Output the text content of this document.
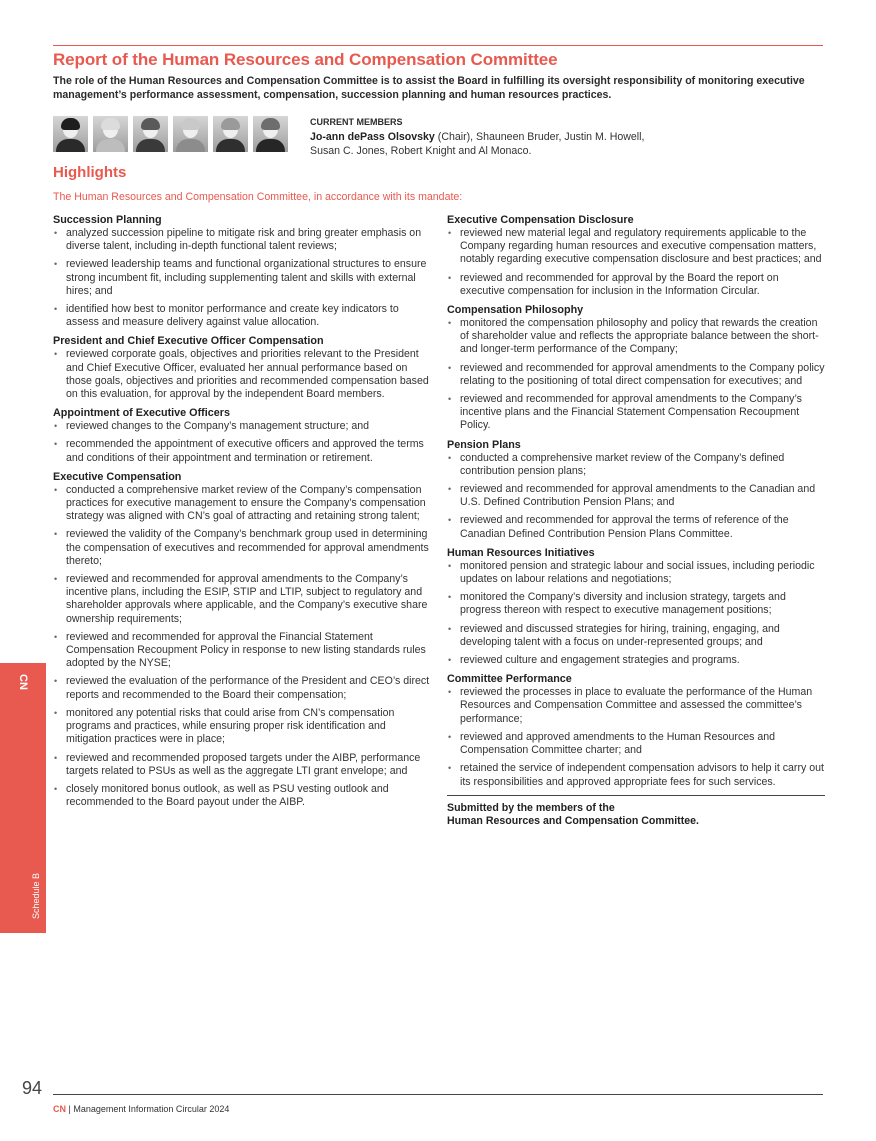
Report of the Human Resources and Compensation Committee

The role of the Human Resources and Compensation Committee is to assist the Board in fulfilling its oversight responsibility of monitoring executive management’s performance assessment, compensation, succession planning and human resources practices.

CURRENT MEMBERS
Jo-ann dePass Olsovsky (Chair), Shauneen Bruder, Justin M. Howell,
Susan C. Jones, Robert Knight and Al Monaco.
Highlights
The Human Resources and Compensation Committee, in accordance with its mandate:
Succession Planning
• analyzed succession pipeline to mitigate risk and bring greater emphasis on diverse talent, including in-depth functional talent reviews;
• reviewed leadership teams and functional organizational structures to ensure strong incumbent fit, including supplementing talent and skills with external hires; and
• identified how best to monitor performance and create key indicators to assess and measure delivery against value allocation.
President and Chief Executive Officer Compensation
• reviewed corporate goals, objectives and priorities relevant to the President and Chief Executive Officer, evaluated her annual performance based on those goals, objectives and priorities and recommended compensation based on this evaluation, for approval by the independent Board members.
Appointment of Executive Officers
• reviewed changes to the Company’s management structure; and
• recommended the appointment of executive officers and approved the terms and conditions of their appointment and termination or retirement.
Executive Compensation
• conducted a comprehensive market review of the Company’s compensation practices for executive management to ensure the Company’s compensation strategy was aligned with CN’s goal of attracting and retaining strong talent;
• reviewed the validity of the Company’s benchmark group used in determining the compensation of executives and recommended for approval amendments thereto;
• reviewed and recommended for approval amendments to the Company’s incentive plans, including the ESIP, STIP and LTIP, subject to regulatory and shareholder approvals where applicable, and the Company’s executive share ownership requirements;
• reviewed and recommended for approval the Financial Statement Compensation Recoupment Policy in response to new listing standards rules adopted by the NYSE;
• reviewed the evaluation of the performance of the President and CEO’s direct reports and recommended to the Board their compensation;
• monitored any potential risks that could arise from CN’s compensation programs and practices, while ensuring proper risk identification and mitigation practices were in place;
• reviewed and recommended proposed targets under the AIBP, performance targets related to PSUs as well as the aggregate LTI grant envelope; and
• closely monitored bonus outlook, as well as PSU vesting outlook and recommended to the Board payout under the AIBP.
Executive Compensation Disclosure
• reviewed new material legal and regulatory requirements applicable to the Company regarding human resources and executive compensation matters, notably regarding executive compensation disclosure and best practices; and
• reviewed and recommended for approval by the Board the report on executive compensation for inclusion in the Information Circular.
Compensation Philosophy
• monitored the compensation philosophy and policy that rewards the creation of shareholder value and reflects the appropriate balance between the short- and longer-term performance of the Company;
• reviewed and recommended for approval amendments to the Company policy relating to the positioning of total direct compensation for executives; and
• reviewed and recommended for approval amendments to the Company’s incentive plans and the Financial Statement Compensation Recoupment Policy.
Pension Plans
• conducted a comprehensive market review of the Company’s defined contribution pension plans;
• reviewed and recommended for approval amendments to the Canadian and U.S. Defined Contribution Pension Plans; and
• reviewed and recommended for approval the terms of reference of the Canadian Defined Contribution Pension Plans Committee.
Human Resources Initiatives
• monitored pension and strategic labour and social issues, including periodic updates on labour relations and negotiations;
• monitored the Company’s diversity and inclusion strategy, targets and progress thereon with respect to executive management positions;
• reviewed and discussed strategies for hiring, training, engaging, and developing talent with a focus on under-represented groups; and
• reviewed culture and engagement strategies and programs.
Committee Performance
• reviewed the processes in place to evaluate the performance of the Human Resources and Compensation Committee and assessed the committee’s performance;
• reviewed and approved amendments to the Human Resources and Compensation Committee charter; and
• retained the service of independent compensation advisors to help it carry out its responsibilities and approved appropriate fees for such services.
Submitted by the members of the
Human Resources and Compensation Committee.
CN
Schedule B
94
CN | Management Information Circular 2024
